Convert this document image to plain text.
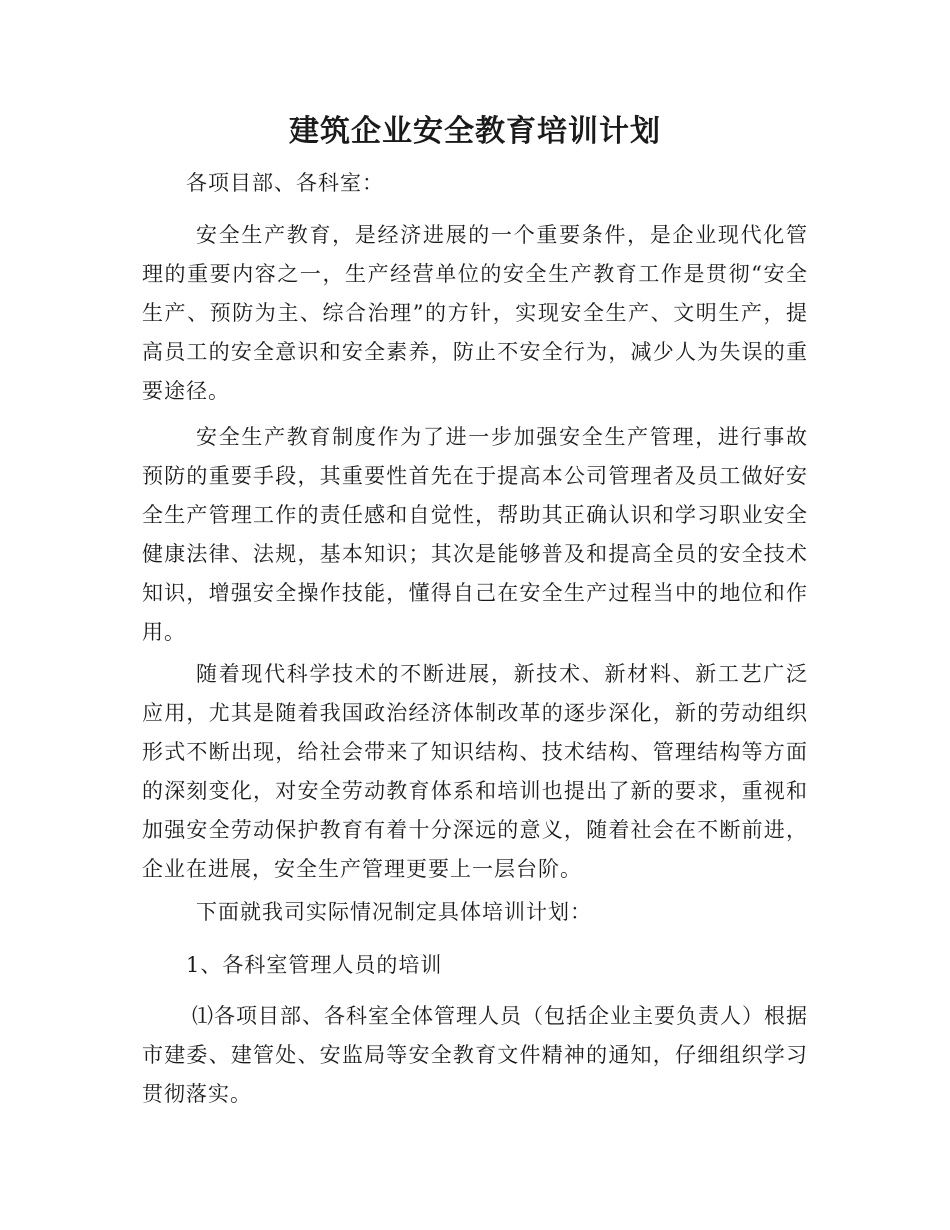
建筑企业安全教育培训计划
各项目部、各科室：
安全生产教育，是经济进展的一个重要条件，是企业现代化管理的重要内容之一，生产经营单位的安全生产教育工作是贯彻“安全生产、预防为主、综合治理”的方针，实现安全生产、文明生产，提高员工的安全意识和安全素养，防止不安全行为，减少人为失误的重要途径。
安全生产教育制度作为了进一步加强安全生产管理，进行事故预防的重要手段，其重要性首先在于提高本公司管理者及员工做好安全生产管理工作的责任感和自觉性，帮助其正确认识和学习职业安全健康法律、法规，基本知识；其次是能够普及和提高全员的安全技术知识，增强安全操作技能，懂得自己在安全生产过程当中的地位和作用。
随着现代科学技术的不断进展，新技术、新材料、新工艺广泛应用，尤其是随着我国政治经济体制改革的逐步深化，新的劳动组织形式不断出现，给社会带来了知识结构、技术结构、管理结构等方面的深刻变化，对安全劳动教育体系和培训也提出了新的要求，重视和加强安全劳动保护教育有着十分深远的意义，随着社会在不断前进，企业在进展，安全生产管理更要上一层台阶。
下面就我司实际情况制定具体培训计划：
1、各科室管理人员的培训
⑴各项目部、各科室全体管理人员（包括企业主要负责人）根据市建委、建管处、安监局等安全教育文件精神的通知，仔细组织学习贯彻落实。
